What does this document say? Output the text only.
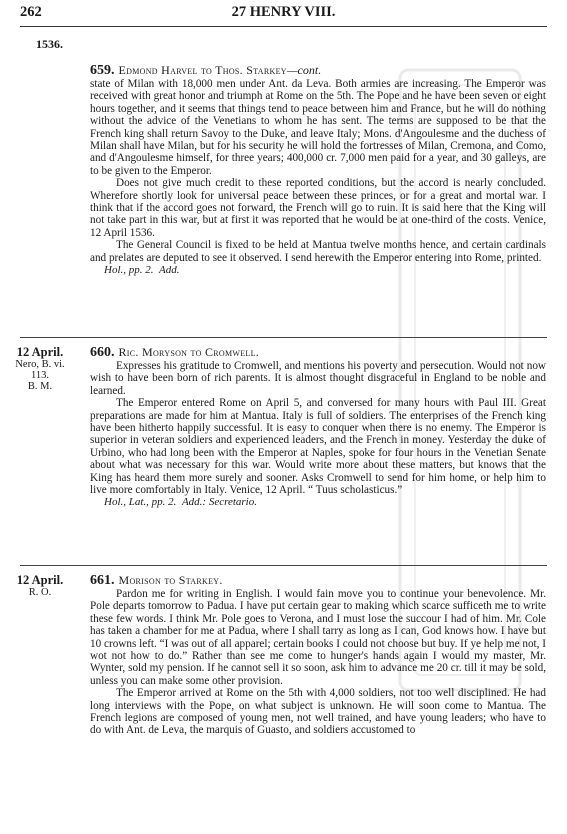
262	27 HENRY VIII.
1536.
659. Edmond Harvel to Thos. Starkey—cont.

state of Milan with 18,000 men under Ant. da Leva. Both armies are increasing. The Emperor was received with great honor and triumph at Rome on the 5th. The Pope and he have been seven or eight hours together, and it seems that things tend to peace between him and France, but he will do nothing without the advice of the Venetians to whom he has sent. The terms are supposed to be that the French king shall return Savoy to the Duke, and leave Italy; Mons. d'Angoulesme and the duchess of Milan shall have Milan, but for his security he will hold the fortresses of Milan, Cremona, and Como, and d'Angoulesme himself, for three years; 400,000 cr. 7,000 men paid for a year, and 30 galleys, are to be given to the Emperor.

Does not give much credit to these reported conditions, but the accord is nearly concluded. Wherefore shortly look for universal peace between these princes, or for a great and mortal war. I think that if the accord goes not forward, the French will go to ruin. It is said here that the King will not take part in this war, but at first it was reported that he would be at one-third of the costs. Venice, 12 April 1536.

The General Council is fixed to be held at Mantua twelve months hence, and certain cardinals and prelates are deputed to see it observed. I send herewith the Emperor entering into Rome, printed.

Hol., pp. 2. Add.

12 April.
Nero, B. vi.
113.
B. M.
660. Ric. Moryson to Cromwell.

Expresses his gratitude to Cromwell, and mentions his poverty and persecution. Would not now wish to have been born of rich parents. It is almost thought disgraceful in England to be noble and learned.

The Emperor entered Rome on April 5, and conversed for many hours with Paul III. Great preparations are made for him at Mantua. Italy is full of soldiers. The enterprises of the French king have been hitherto happily successful. It is easy to conquer when there is no enemy. The Emperor is superior in veteran soldiers and experienced leaders, and the French in money. Yesterday the duke of Urbino, who had long been with the Emperor at Naples, spoke for four hours in the Venetian Senate about what was necessary for this war. Would write more about these matters, but knows that the King has heard them more surely and sooner. Asks Cromwell to send for him home, or help him to live more comfortably in Italy. Venice, 12 April. “ Tuus scholasticus.”

Hol., Lat., pp. 2. Add.: Secretario.

12 April.
R. O.
661. Morison to Starkey.

Pardon me for writing in English. I would fain move you to continue your benevolence. Mr. Pole departs tomorrow to Padua. I have put certain gear to making which scarce sufficeth me to write these few words. I think Mr. Pole goes to Verona, and I must lose the succour I had of him. Mr. Cole has taken a chamber for me at Padua, where I shall tarry as long as I can, God knows how. I have but 10 crowns left. “I was out of all apparel; certain books I could not choose but buy. If ye help me not, I wot not how to do.” Rather than see me come to hunger's hands again I would my master, Mr. Wynter, sold my pension. If he cannot sell it so soon, ask him to advance me 20 cr. till it may be sold, unless you can make some other provision.

The Emperor arrived at Rome on the 5th with 4,000 soldiers, not too well disciplined. He had long interviews with the Pope, on what subject is unknown. He will soon come to Mantua. The French legions are composed of young men, not well trained, and have young leaders; who have to do with Ant. de Leva, the marquis of Guasto, and soldiers accustomed to
